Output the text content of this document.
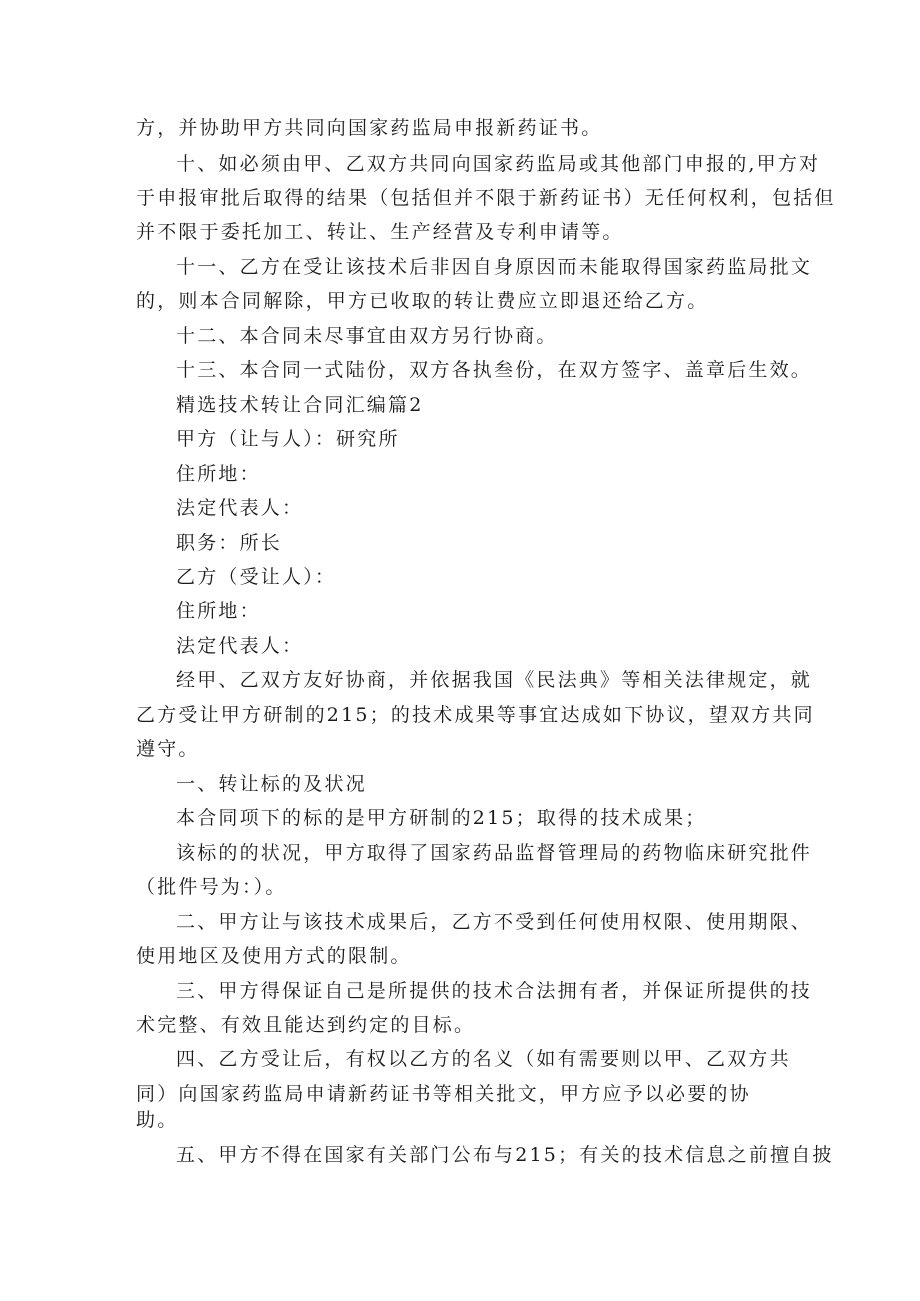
方，并协助甲方共同向国家药监局申报新药证书。
十、如必须由甲、乙双方共同向国家药监局或其他部门申报的,甲方对
于申报审批后取得的结果（包括但并不限于新药证书）无任何权利，包括但
并不限于委托加工、转让、生产经营及专利申请等。
十一、乙方在受让该技术后非因自身原因而未能取得国家药监局批文
的，则本合同解除，甲方已收取的转让费应立即退还给乙方。
十二、本合同未尽事宜由双方另行协商。
十三、本合同一式陆份，双方各执叁份，在双方签字、盖章后生效。
精选技术转让合同汇编篇2
甲方（让与人）：研究所
住所地：
法定代表人：
职务：所长
乙方（受让人）：
住所地：
法定代表人：
经甲、乙双方友好协商，并依据我国《民法典》等相关法律规定，就
乙方受让甲方研制的215；的技术成果等事宜达成如下协议，望双方共同
遵守。
一、转让标的及状况
本合同项下的标的是甲方研制的215；取得的技术成果；
该标的的状况，甲方取得了国家药品监督管理局的药物临床研究批件
（批件号为：）。
二、甲方让与该技术成果后，乙方不受到任何使用权限、使用期限、
使用地区及使用方式的限制。
三、甲方得保证自己是所提供的技术合法拥有者，并保证所提供的技
术完整、有效且能达到约定的目标。
四、乙方受让后，有权以乙方的名义（如有需要则以甲、乙双方共
同）向国家药监局申请新药证书等相关批文，甲方应予以必要的协
助。
五、甲方不得在国家有关部门公布与215；有关的技术信息之前擅自披
